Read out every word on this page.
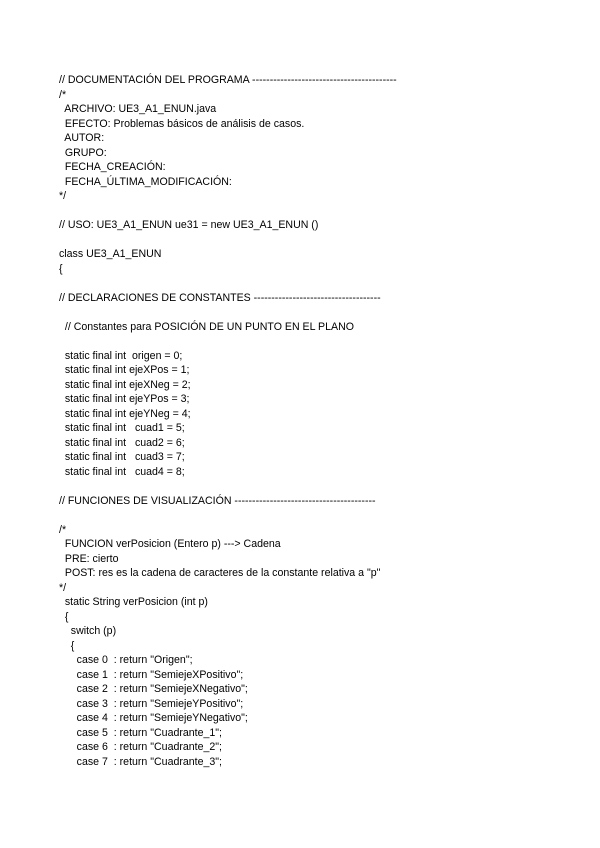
// DOCUMENTACIÓN DEL PROGRAMA -----------------------------------------
/*
ARCHIVO: UE3_A1_ENUN.java
EFECTO: Problemas básicos de análisis de casos.
AUTOR:
GRUPO:
FECHA_CREACIÓN:
FECHA_ÚLTIMA_MODIFICACIÓN:
*/
// USO: UE3_A1_ENUN ue31 = new UE3_A1_ENUN ()
class UE3_A1_ENUN
{
// DECLARACIONES DE CONSTANTES ------------------------------------
// Constantes para POSICIÓN DE UN PUNTO EN EL PLANO
static final int  origen = 0;
static final int ejeXPos = 1;
static final int ejeXNeg = 2;
static final int ejeYPos = 3;
static final int ejeYNeg = 4;
static final int   cuad1 = 5;
static final int   cuad2 = 6;
static final int   cuad3 = 7;
static final int   cuad4 = 8;
// FUNCIONES DE VISUALIZACIÓN ----------------------------------------
/*
FUNCION verPosicion (Entero p) ---> Cadena
PRE: cierto
POST: res es la cadena de caracteres de la constante relativa a "p"
*/
static String verPosicion (int p)
{
switch (p)
{
case 0  : return "Origen";
case 1  : return "SemiejeXPositivo";
case 2  : return "SemiejeXNegativo";
case 3  : return "SemiejeYPositivo";
case 4  : return "SemiejeYNegativo";
case 5  : return "Cuadrante_1";
case 6  : return "Cuadrante_2";
case 7  : return "Cuadrante_3";
